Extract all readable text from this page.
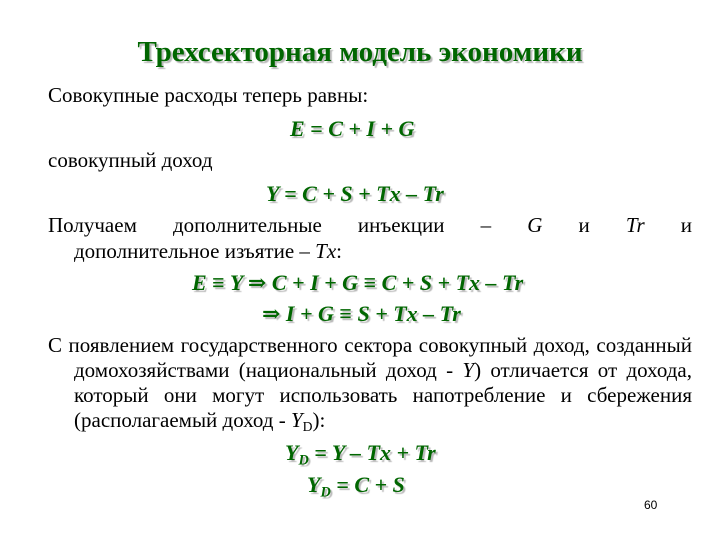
Трехсекторная модель экономики
Совокупные расходы теперь равны:
E = C + I + G
совокупный доход
Y = C + S + Tx – Tr
Получаем дополнительные инъекции – G и Tr и
дополнительное изъятие – Tx:
E ≡ Y ⇒ C + I + G ≡ C + S + Tx – Tr
⇒ I + G ≡ S + Tx – Tr
С появлением государственного сектора совокупный доход, созданный домохозяйствами (национальный доход - Y) отличается от дохода, который они могут использовать напотребление и сбережения (располагаемый доход - $Y_D$):
$Y_D = Y - Tx + Tr$
$Y_D = C + S$
60
